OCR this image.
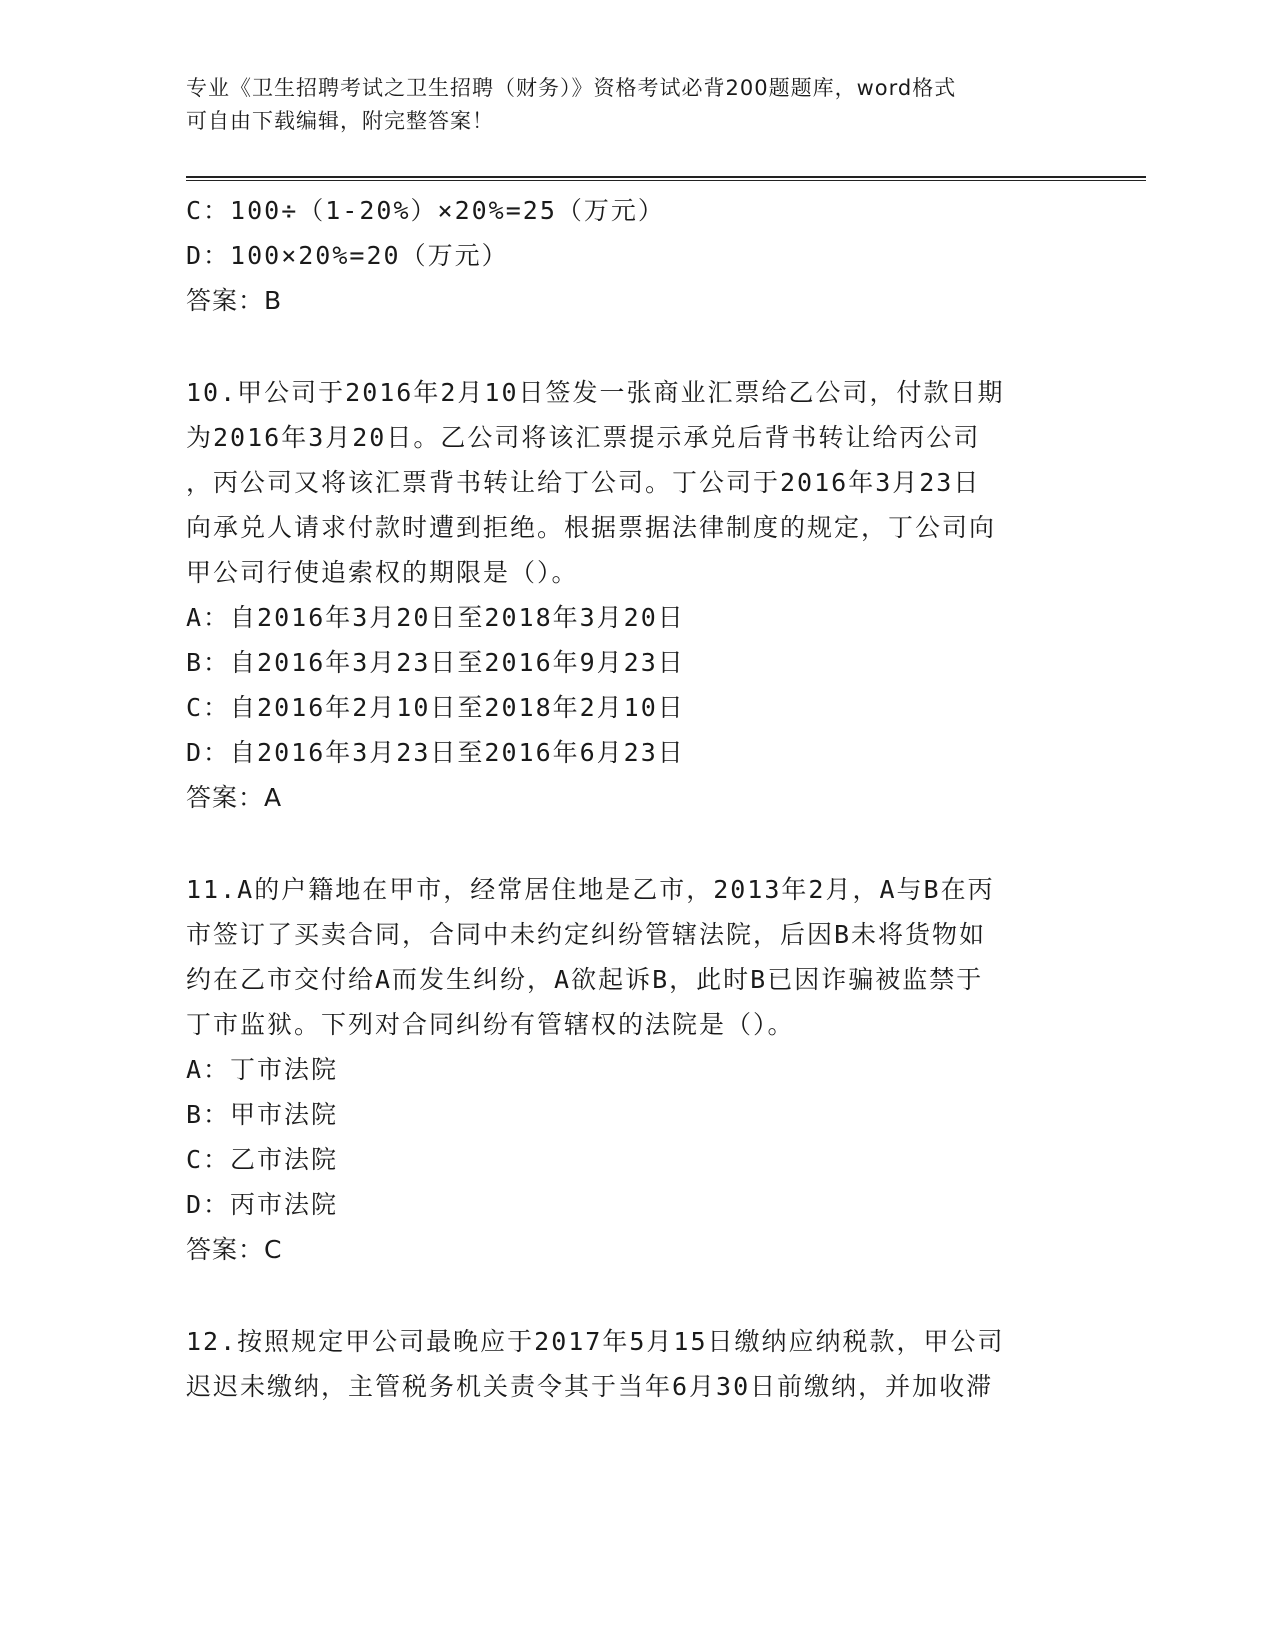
专业《卫生招聘考试之卫生招聘（财务）》资格考试必背200题题库，word格式
可自由下载编辑，附完整答案！
C：100÷（1-20%）×20%=25（万元）
D：100×20%=20（万元）
答案：B
10.甲公司于2016年2月10日签发一张商业汇票给乙公司，付款日期
为2016年3月20日。乙公司将该汇票提示承兑后背书转让给丙公司
，丙公司又将该汇票背书转让给丁公司。丁公司于2016年3月23日
向承兑人请求付款时遭到拒绝。根据票据法律制度的规定，丁公司向
甲公司行使追索权的期限是（）。
A：自2016年3月20日至2018年3月20日
B：自2016年3月23日至2016年9月23日
C：自2016年2月10日至2018年2月10日
D：自2016年3月23日至2016年6月23日
答案：A
11.A的户籍地在甲市，经常居住地是乙市，2013年2月，A与B在丙
市签订了买卖合同，合同中未约定纠纷管辖法院，后因B未将货物如
约在乙市交付给A而发生纠纷，A欲起诉B，此时B已因诈骗被监禁于
丁市监狱。下列对合同纠纷有管辖权的法院是（）。
A：丁市法院
B：甲市法院
C：乙市法院
D：丙市法院
答案：C
12.按照规定甲公司最晚应于2017年5月15日缴纳应纳税款，甲公司
迟迟未缴纳，主管税务机关责令其于当年6月30日前缴纳，并加收滞
